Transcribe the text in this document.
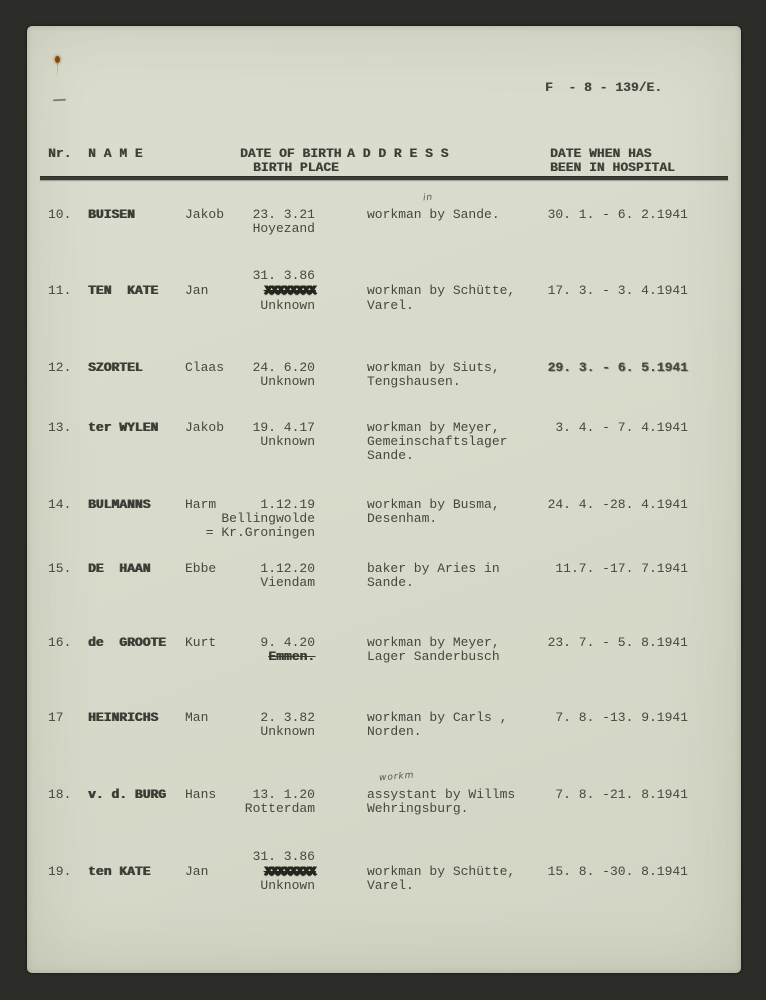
F  - 8 - 139/E.
Nr. N A M E	DATE OF BIRTH A D D R E S S	DATE WHEN HAS
BIRTH PLACE	BEEN IN HOSPITAL
in
10. BUISEN	Jakob	23. 3.21	workman by Sande.	30. 1. - 6. 2.1941
Hoyezand
31. 3.86
11. TEN  KATE Jan	XXXXXXXX	workman by Schütte,	17. 3. - 3. 4.1941
Unknown	Varel.
12. SZORTEL	Claas	24. 6.20	workman by Siuts,	29. 3. - 6. 5.1941
Unknown	Tengshausen.
13. ter WYLEN Jakob	19. 4.17	workman by Meyer,	3. 4. - 7. 4.1941
Unknown	Gemeinschaftslager
Sande.
14. BULMANNS	Harm	1.12.19	workman by Busma,	24. 4. -28. 4.1941
Bellingwolde	Desenham.
= Kr.Groningen
15. DE  HAAN	Ebbe	1.12.20	baker by Aries in	11.7. -17. 7.1941
Viendam	Sande.
16. de  GROOTE Kurt	9. 4.20	workman by Meyer,	23. 7. - 5. 8.1941
Emmen.	Lager Sanderbusch
17 HEINRICHS Man	2. 3.82	workman by Carls ,	7. 8. -13. 9.1941
Unknown	Norden.
workm
18. v. d. BURG Hans	13. 1.20	assystant by Willms	7. 8. -21. 8.1941
Rotterdam	Wehringsburg.
31. 3.86
19. ten KATE	Jan	XXXXXXXX	workman by Schütte,	15. 8. -30. 8.1941
Unknown	Varel.
